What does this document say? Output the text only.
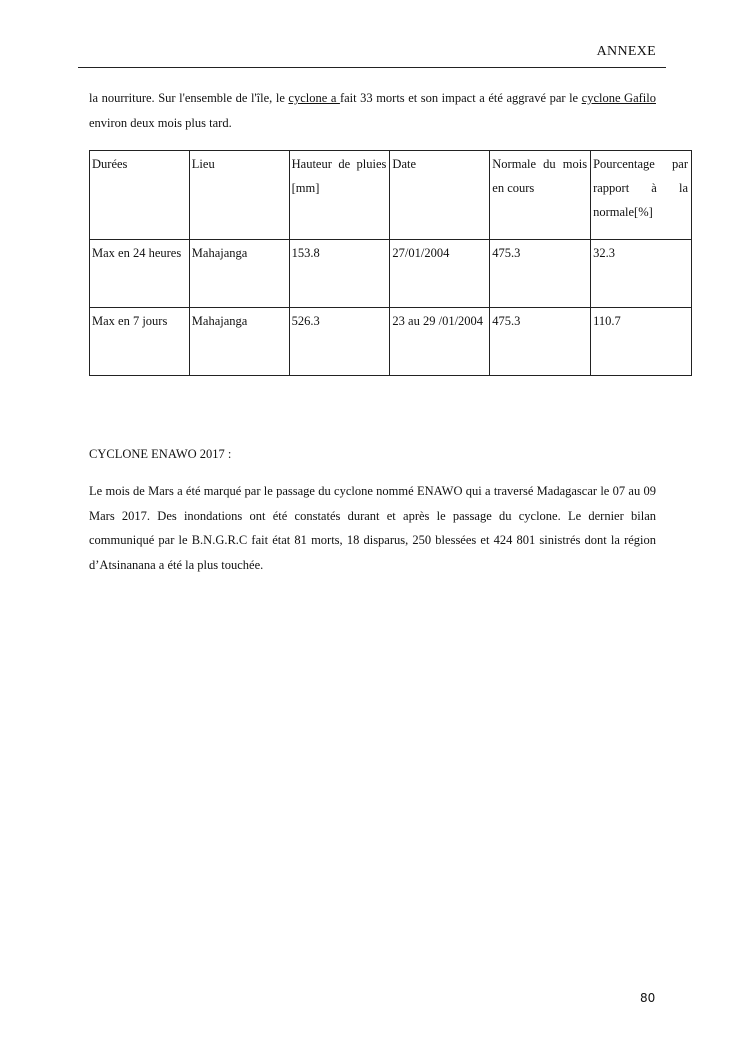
ANNEXE

la nourriture. Sur l'ensemble de l'île, le cyclone a fait 33 morts et son impact a été aggravé par le cyclone Gafilo environ deux mois plus tard.

Durées	Lieu	Hauteur de pluies [mm]	Date	Normale du mois en cours	Pourcentage par rapport à la normale[%]
Max en 24 heures	Mahajanga	153.8	27/01/2004	475.3	32.3
Max en 7 jours	Mahajanga	526.3	23 au 29 /01/2004	475.3	110.7
CYCLONE ENAWO 2017 :

Le mois de Mars a été marqué par le passage du cyclone nommé ENAWO qui a traversé Madagascar le 07 au 09 Mars 2017. Des inondations ont été constatés durant et après le passage du cyclone. Le dernier bilan communiqué par le B.N.G.R.C fait état 81 morts, 18 disparus, 250 blessées et 424 801 sinistrés dont la région d’Atsinanana a été la plus touchée.

80
